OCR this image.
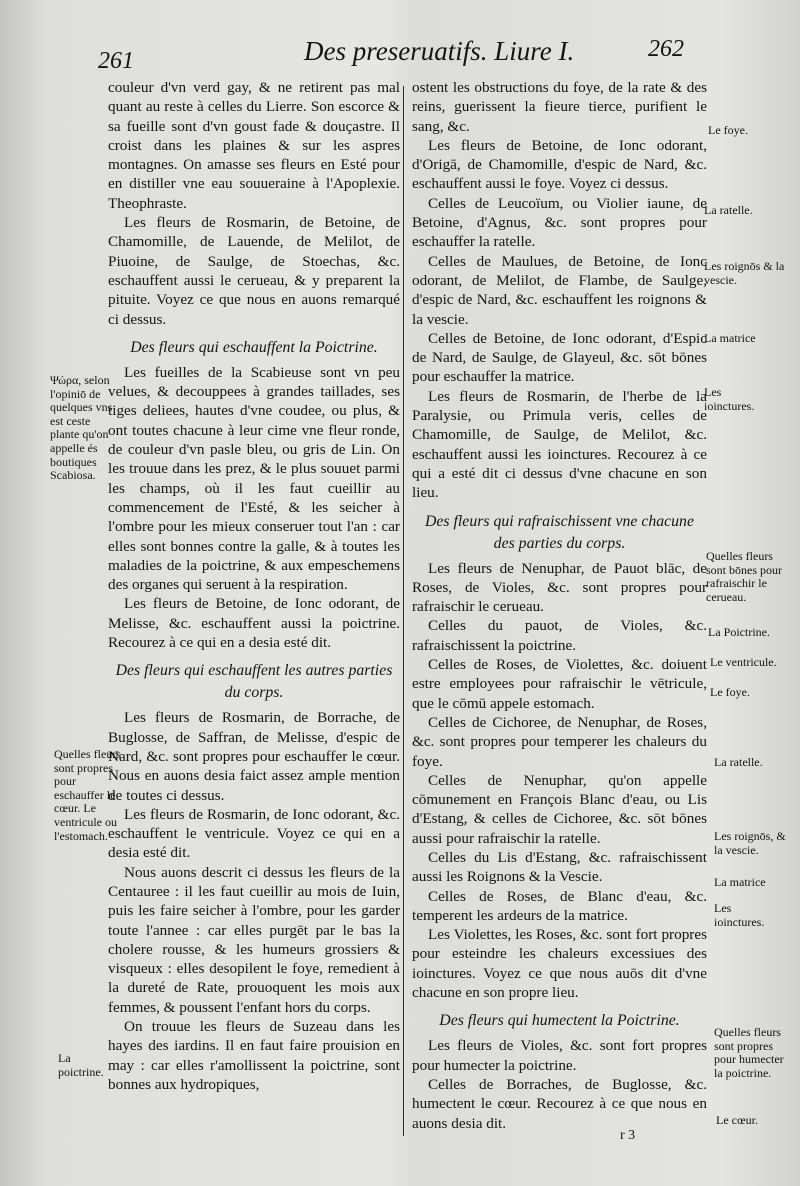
261	Des preseruatifs. Liure I.	262

couleur d'vn verd gay, & ne retirent pas mal quant au reste à celles du Lierre. Son escorce & sa fueille sont d'vn goust fade & douçastre. Il croist dans les plaines & sur les aspres montagnes. On amasse ses fleurs en Esté pour en distiller vne eau souueraine à l'Apoplexie. Theophraste.

Les fleurs de Rosmarin, de Betoine, de Chamomille, de Lauende, de Melilot, de Piuoine, de Saulge, de Stoechas, &c. eschauffent aussi le cerueau, & y preparent la pituite. Voyez ce que nous en auons remarqué ci dessus.

Des fleurs qui eschauffent la Poictrine.

Les fueilles de la Scabieuse sont vn peu velues, & decouppees à grandes taillades, ses tiges deliees, hautes d'vne coudee, ou plus, & ont toutes chacune à leur cime vne fleur ronde, de couleur d'vn pasle bleu, ou gris de Lin. On les trouue dans les prez, & le plus souuet parmi les champs, où il les faut cueillir au commencement de l'Esté, & les seicher à l'ombre pour les mieux conseruer tout l'an : car elles sont bonnes contre la galle, & à toutes les maladies de la poictrine, & aux empeschemens des organes qui seruent à la respiration.

Les fleurs de Betoine, de Ionc odorant, de Melisse, &c. eschauffent aussi la poictrine. Recourez à ce qui en a desia esté dit.

Des fleurs qui eschauffent les autres parties du corps.

Les fleurs de Rosmarin, de Borrache, de Buglosse, de Saffran, de Melisse, d'espic de Nard, &c. sont propres pour eschauffer le cœur. Nous en auons desia faict assez ample mention de toutes ci dessus.

Les fleurs de Rosmarin, de Ionc odorant, &c. eschauffent le ventricule. Voyez ce qui en a desia esté dit.

Nous auons descrit ci dessus les fleurs de la Centauree : il les faut cueillir au mois de Iuin, puis les faire seicher à l'ombre, pour les garder toute l'annee : car elles purgēt par le bas la cholere rousse, & les humeurs grossiers & visqueux : elles desopilent le foye, remedient à la dureté de Rate, prouoquent les mois aux femmes, & poussent l'enfant hors du corps.

On trouue les fleurs de Suzeau dans les hayes des iardins. Il en faut faire prouision en may : car elles r'amollissent la poictrine, sont bonnes aux hydropiques,

ostent les obstructions du foye, de la rate & des reins, guerissent la fieure tierce, purifient le sang, &c.

Les fleurs de Betoine, de Ionc odorant, d'Origā, de Chamomille, d'espic de Nard, &c. eschauffent aussi le foye. Voyez ci dessus.

Celles de Leucoïum, ou Violier iaune, de Betoine, d'Agnus, &c. sont propres pour eschauffer la ratelle.

Celles de Maulues, de Betoine, de Ionc odorant, de Melilot, de Flambe, de Saulge, d'espic de Nard, &c. eschauffent les roignons & la vescie.

Celles de Betoine, de Ionc odorant, d'Espic de Nard, de Saulge, de Glayeul, &c. sōt bōnes pour eschauffer la matrice.

Les fleurs de Rosmarin, de l'herbe de la Paralysie, ou Primula veris, celles de Chamomille, de Saulge, de Melilot, &c. eschauffent aussi les ioinctures. Recourez à ce qui a esté dit ci dessus d'vne chacune en son lieu.

Des fleurs qui rafraischissent vne chacune des parties du corps.

Les fleurs de Nenuphar, de Pauot blāc, de Roses, de Violes, &c. sont propres pour rafraischir le cerueau.

Celles du pauot, de Violes, &c. rafraischissent la poictrine.

Celles de Roses, de Violettes, &c. doiuent estre employees pour rafraischir le vētricule, que le cōmū appele estomach.

Celles de Cichoree, de Nenuphar, de Roses, &c. sont propres pour temperer les chaleurs du foye.

Celles de Nenuphar, qu'on appelle cōmunement en François Blanc d'eau, ou Lis d'Estang, & celles de Cichoree, &c. sōt bōnes aussi pour rafraischir la ratelle.

Celles du Lis d'Estang, &c. rafraischissent aussi les Roignons & la Vescie.

Celles de Roses, de Blanc d'eau, &c. temperent les ardeurs de la matrice.

Les Violettes, les Roses, &c. sont fort propres pour esteindre les chaleurs excessiues des ioinctures. Voyez ce que nous auōs dit d'vne chacune en son propre lieu.

Des fleurs qui humectent la Poictrine.

Les fleurs de Violes, &c. sont fort propres pour humecter la poictrine.

Celles de Borraches, de Buglosse, &c. humectent le cœur. Recourez à ce que nous en auons desia dit.

Ψώρα, selon l'opiniō de quelques vns est ceste plante qu'on appelle és boutiques Scabiosa.
Quelles fleurs sont propres pour eschauffer le cœur. Le ventricule ou l'estomach.
La poictrine.
Le foye.
La ratelle.
Les roignōs & la vescie.
La matrice
Les ioinctures.
Quelles fleurs sont bōnes pour rafraischir le cerueau.
La Poictrine.
Le ventricule.
Le foye.
La ratelle.
Les roignōs, & la vescie.
La matrice
Les ioinctures.
Quelles fleurs sont propres pour humecter la poictrine.
Le cœur.
r 3
